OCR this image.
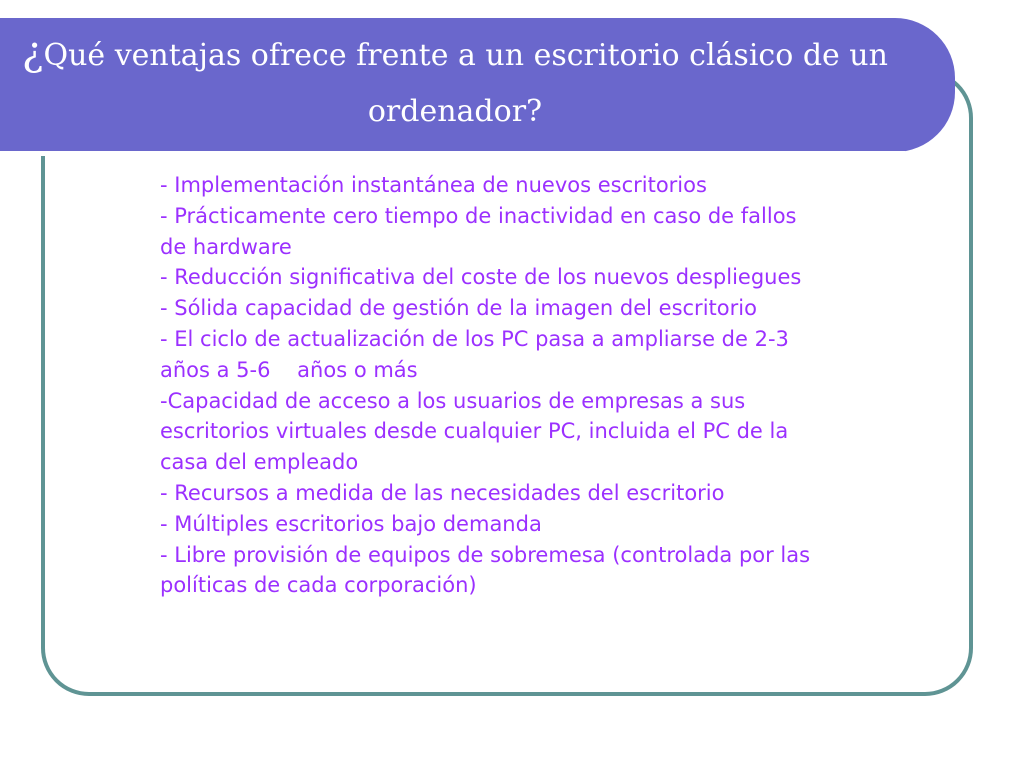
¿Qué ventajas ofrece frente a un escritorio clásico de un ordenador?
- Implementación instantánea de nuevos escritorios
- Prácticamente cero tiempo de inactividad en caso de fallos de hardware
- Reducción significativa del coste de los nuevos despliegues
- Sólida capacidad de gestión de la imagen del escritorio
- El ciclo de actualización de los PC pasa a ampliarse de 2-3 años a 5-6    años o más
-Capacidad de acceso a los usuarios de empresas a sus escritorios virtuales desde cualquier PC, incluida el PC de la casa del empleado
- Recursos a medida de las necesidades del escritorio
- Múltiples escritorios bajo demanda
- Libre provisión de equipos de sobremesa (controlada por las políticas de cada corporación)
